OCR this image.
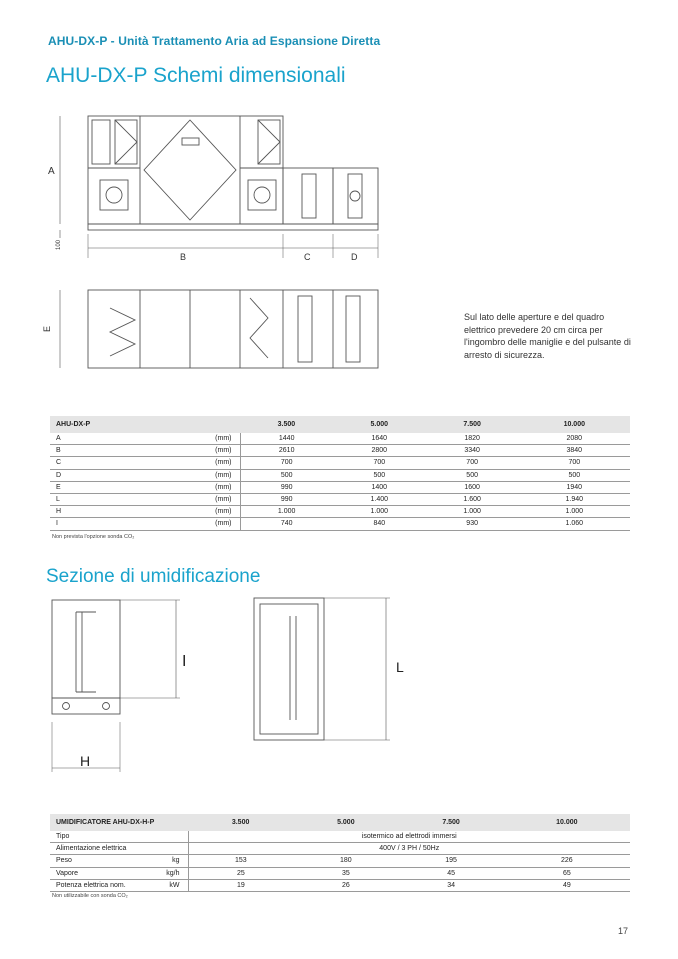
AHU-DX-P - Unità Trattamento Aria ad Espansione Diretta
AHU-DX-P Schemi dimensionali
A
B	C	D
100
E
Sul lato delle aperture e del quadro elettrico prevedere 20 cm circa per l'ingombro delle maniglie e del pulsante di arresto di sicurezza.
AHU-DX-P		3.500	5.000	7.500	10.000
A	(mm)	1440	1640	1820	2080
B	(mm)	2610	2800	3340	3840
C	(mm)	700	700	700	700
D	(mm)	500	500	500	500
E	(mm)	990	1400	1600	1940
L	(mm)	990	1.400	1.600	1.940
H	(mm)	1.000	1.000	1.000	1.000
I	(mm)	740	840	930	1.060
Non prevista l'opzione sonda CO₂
Sezione di umidificazione
I
H
L
UMIDIFICATORE AHU-DX-H-P		3.500	5.000	7.500	10.000
Tipo		isotermico ad elettrodi immersi			
Alimentazione elettrica		400V / 3 PH / 50Hz			
Peso	kg	153	180	195	226
Vapore	kg/h	25	35	45	65
Potenza elettrica nom.	kW	19	26	34	49
Non utilizzabile con sonda CO₂
17
